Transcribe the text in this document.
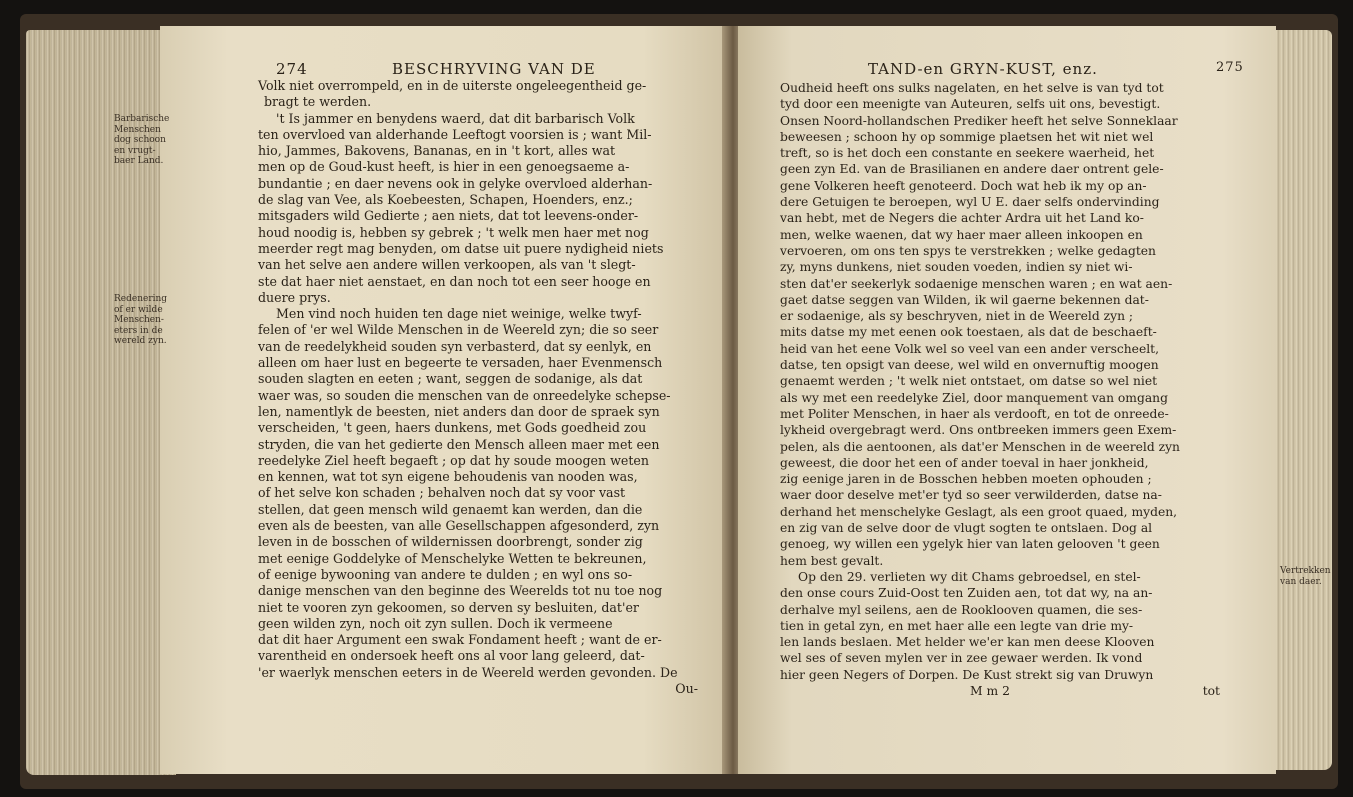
274	BESCHRYVING VAN DE
Barbarische
Menschen
dog schoon
en vrugt-
baer Land.
Redenering
of er wilde
Menschen-
eters in de
wereld zyn.
Volk niet overrompeld, en in de uiterste ongeleegentheid ge-
bragt te werden.
't Is jammer en benydens waerd, dat dit barbarisch Volk
ten overvloed van alderhande Leeftogt voorsien is ; want Mil-
hio, Jammes, Bakovens, Bananas, en in 't kort, alles wat
men op de Goud-kust heeft, is hier in een genoegsaeme a-
bundantie ; en daer nevens ook in gelyke overvloed alderhan-
de slag van Vee, als Koebeesten, Schapen, Hoenders, enz.;
mitsgaders wild Gedierte ; aen niets, dat tot leevens-onder-
houd noodig is, hebben sy gebrek ; 't welk men haer met nog
meerder regt mag benyden, om datse uit puere nydigheid niets
van het selve aen andere willen verkoopen, als van 't slegt-
ste dat haer niet aenstaet, en dan noch tot een seer hooge en
duere prys.
Men vind noch huiden ten dage niet weinige, welke twyf-
felen of 'er wel Wilde Menschen in de Weereld zyn; die so seer
van de reedelykheid souden syn verbasterd, dat sy eenlyk, en
alleen om haer lust en begeerte te versaden, haer Evenmensch
souden slagten en eeten ; want, seggen de sodanige, als dat
waer was, so souden die menschen van de onreedelyke schepse-
len, namentlyk de beesten, niet anders dan door de spraek syn
verscheiden, 't geen, haers dunkens, met Gods goedheid zou
stryden, die van het gedierte den Mensch alleen maer met een
reedelyke Ziel heeft begaeft ; op dat hy soude moogen weten
en kennen, wat tot syn eigene behoudenis van nooden was,
of het selve kon schaden ; behalven noch dat sy voor vast
stellen, dat geen mensch wild genaemt kan werden, dan die
even als de beesten, van alle Gesellschappen afgesonderd, zyn
leven in de bosschen of wildernissen doorbrengt, sonder zig
met eenige Goddelyke of Menschelyke Wetten te bekreunen,
of eenige bywooning van andere te dulden ; en wyl ons so-
danige menschen van den beginne des Weerelds tot nu toe nog
niet te vooren zyn gekoomen, so derven sy besluiten, dat'er
geen wilden zyn, noch oit zyn sullen. Doch ik vermeene
dat dit haer Argument een swak Fondament heeft ; want de er-
varentheid en ondersoek heeft ons al voor lang geleerd, dat-
'er waerlyk menschen eeters in de Weereld werden gevonden. De
Ou-
TAND-en GRYN-KUST, enz.	275
Oudheid heeft ons sulks nagelaten, en het selve is van tyd tot
tyd door een meenigte van Auteuren, selfs uit ons, bevestigt.
Onsen Noord-hollandschen Prediker heeft het selve Sonneklaar
beweesen ; schoon hy op sommige plaetsen het wit niet wel
treft, so is het doch een constante en seekere waerheid, het
geen zyn Ed. van de Brasilianen en andere daer ontrent gele-
gene Volkeren heeft genoteerd. Doch wat heb ik my op an-
dere Getuigen te beroepen, wyl U E. daer selfs ondervinding
van hebt, met de Negers die achter Ardra uit het Land ko-
men, welke waenen, dat wy haer maer alleen inkoopen en
vervoeren, om ons ten spys te verstrekken ; welke gedagten
zy, myns dunkens, niet souden voeden, indien sy niet wi-
sten dat'er seekerlyk sodaenige menschen waren ; en wat aen-
gaet datse seggen van Wilden, ik wil gaerne bekennen dat-
er sodaenige, als sy beschryven, niet in de Weereld zyn ;
mits datse my met eenen ook toestaen, als dat de beschaeft-
heid van het eene Volk wel so veel van een ander verscheelt,
datse, ten opsigt van deese, wel wild en onvernuftig moogen
genaemt werden ; 't welk niet ontstaet, om datse so wel niet
als wy met een reedelyke Ziel, door manquement van omgang
met Politer Menschen, in haer als verdooft, en tot de onreede-
lykheid overgebragt werd. Ons ontbreeken immers geen Exem-
pelen, als die aentoonen, als dat'er Menschen in de weereld zyn
geweest, die door het een of ander toeval in haer jonkheid,
zig eenige jaren in de Bosschen hebben moeten ophouden ;
waer door deselve met'er tyd so seer verwilderden, datse na-
derhand het menschelyke Geslagt, als een groot quaed, myden,
en zig van de selve door de vlugt sogten te ontslaen. Dog al
genoeg, wy willen een ygelyk hier van laten gelooven 't geen
hem best gevalt.
Op den 29. verlieten wy dit Chams gebroedsel, en stel-
den onse cours Zuid-Oost ten Zuiden aen, tot dat wy, na an-
derhalve myl seilens, aen de Rooklooven quamen, die ses-
tien in getal zyn, en met haer alle een legte van drie my-
len lands beslaen. Met helder we'er kan men deese Klooven
wel ses of seven mylen ver in zee gewaer werden. Ik vond
hier geen Negers of Dorpen. De Kust strekt sig van Druwyn
M m 2	tot
Vertrekken
van daer.
